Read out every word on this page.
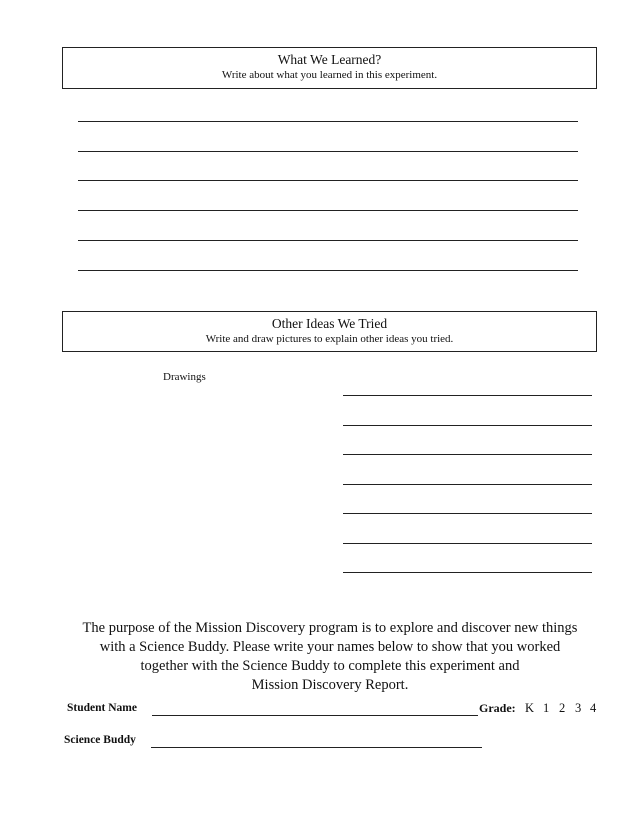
What We Learned?
Write about what you learned in this experiment.
Other Ideas We Tried
Write and draw pictures to explain other ideas you tried.
Drawings
The purpose of the Mission Discovery program is to explore and discover new things
with a Science Buddy. Please write your names below to show that you worked
together with the Science Buddy to complete this experiment and
Mission Discovery Report.
Student Name	Grade: K 1 2 3 4
Science Buddy
